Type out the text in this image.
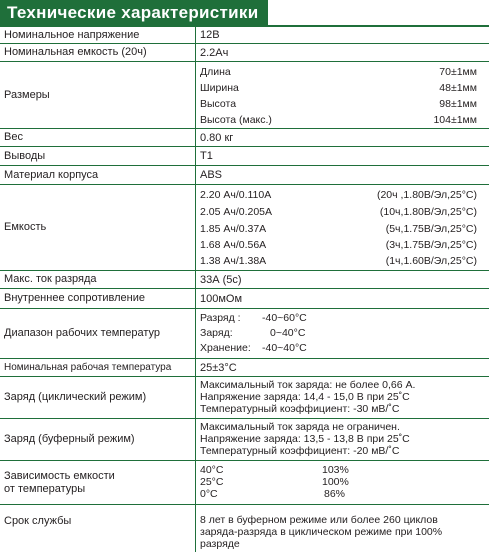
Технические характеристики
Номинальное напряжение	12В
Номинальная емкость (20ч)	2.2Ач
Размеры
Длина	70±1мм
Ширина	48±1мм
Высота	98±1мм
Высота (макс.)	104±1мм
Вес	0.80 кг
Выводы	T1
Материал корпуса	ABS
Емкость
2.20 Ач/0.110А	(20ч ,1.80В/Эл,25°С)
2.05 Ач/0.205А	(10ч,1.80В/Эл,25°С)
1.85 Ач/0.37А	(5ч,1.75В/Эл,25°С)
1.68 Ач/0.56А	(3ч,1.75В/Эл,25°С)
1.38 Ач/1.38А	(1ч,1.60В/Эл,25°С)
Макс. ток разряда	33А (5с)
Внутреннее сопротивление	100мОм
Диапазон рабочих температур
Разряд : -40~60°С
Заряд:	0~40°С
Хранение: -40~40°С
Номинальная рабочая температура	25±3°С
Заряд (циклический режим)
Максимальный ток заряда: не более 0,66 А.
Напряжение заряда: 14,4 - 15,0 В при 25˚С
Температурный коэффициент: -30 мВ/˚С
Заряд (буферный режим)
Максимальный ток заряда не ограничен.
Напряжение заряда: 13,5 - 13,8 В при 25˚С
Температурный коэффициент: -20 мВ/˚С
Зависимость емкости
от температуры
40°С	103%
25°С	100%
0°С	86%
Срок службы	8 лет в буферном режиме или более 260 циклов
заряда-разряда в циклическом режиме при 100%
разряде
